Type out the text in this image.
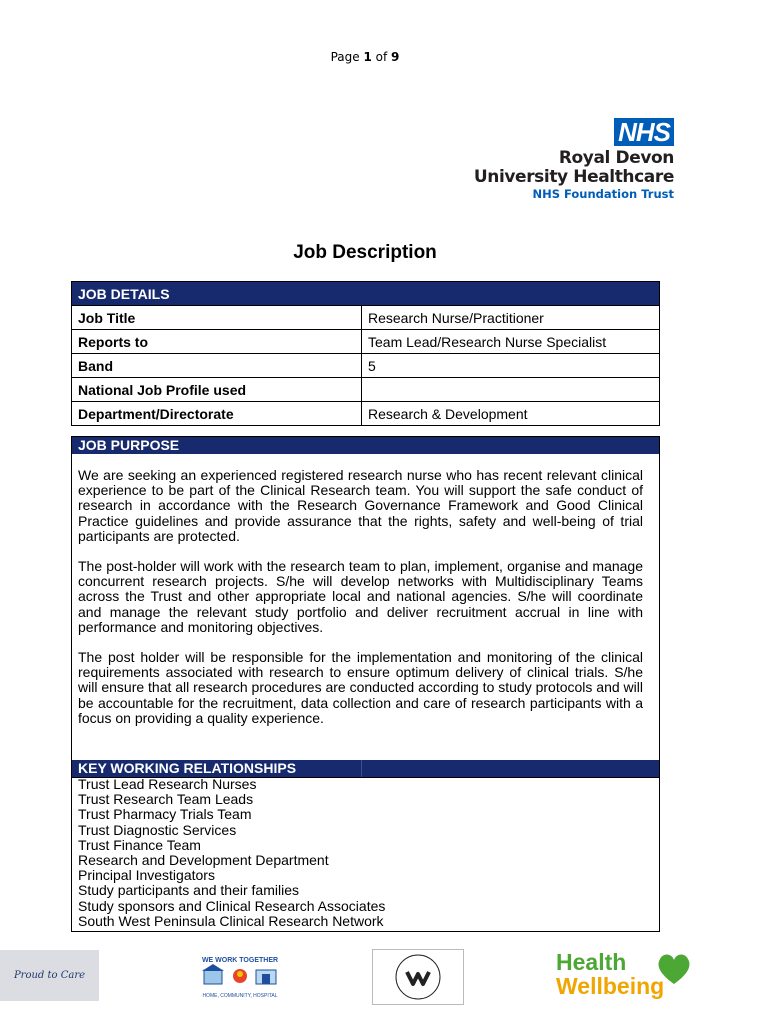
Page 1 of 9
NHS
Royal Devon
University Healthcare
NHS Foundation Trust
Job Description
JOB DETAILS	
Job Title	Research Nurse/Practitioner
Reports to	Team Lead/Research Nurse Specialist
Band	5
National Job Profile used	
Department/Directorate	Research & Development
JOB PURPOSE

We are seeking an experienced registered research nurse who has recent relevant clinical experience to be part of the Clinical Research team. You will support the safe conduct of research in accordance with the Research Governance Framework and Good Clinical Practice guidelines and provide assurance that the rights, safety and well-being of trial participants are protected.

The post-holder will work with the research team to plan, implement, organise and manage concurrent research projects. S/he will develop networks with Multidisciplinary Teams across the Trust and other appropriate local and national agencies. S/he will coordinate and manage the relevant study portfolio and deliver recruitment accrual in line with performance and monitoring objectives.

The post holder will be responsible for the implementation and monitoring of the clinical requirements associated with research to ensure optimum delivery of clinical trials. S/he will ensure that all research procedures are conducted according to study protocols and will be accountable for the recruitment, data collection and care of research participants with a focus on providing a quality experience.

KEY WORKING RELATIONSHIPS
Trust Lead Research Nurses
Trust Research Team Leads
Trust Pharmacy Trials Team
Trust Diagnostic Services
Trust Finance Team
Research and Development Department
Principal Investigators
Study participants and their families
Study sponsors and Clinical Research Associates
South West Peninsula Clinical Research Network
Proud to Care
WE WORK TOGETHER
HOME, COMMUNITY, HOSPITAL
Health
Wellbeing
